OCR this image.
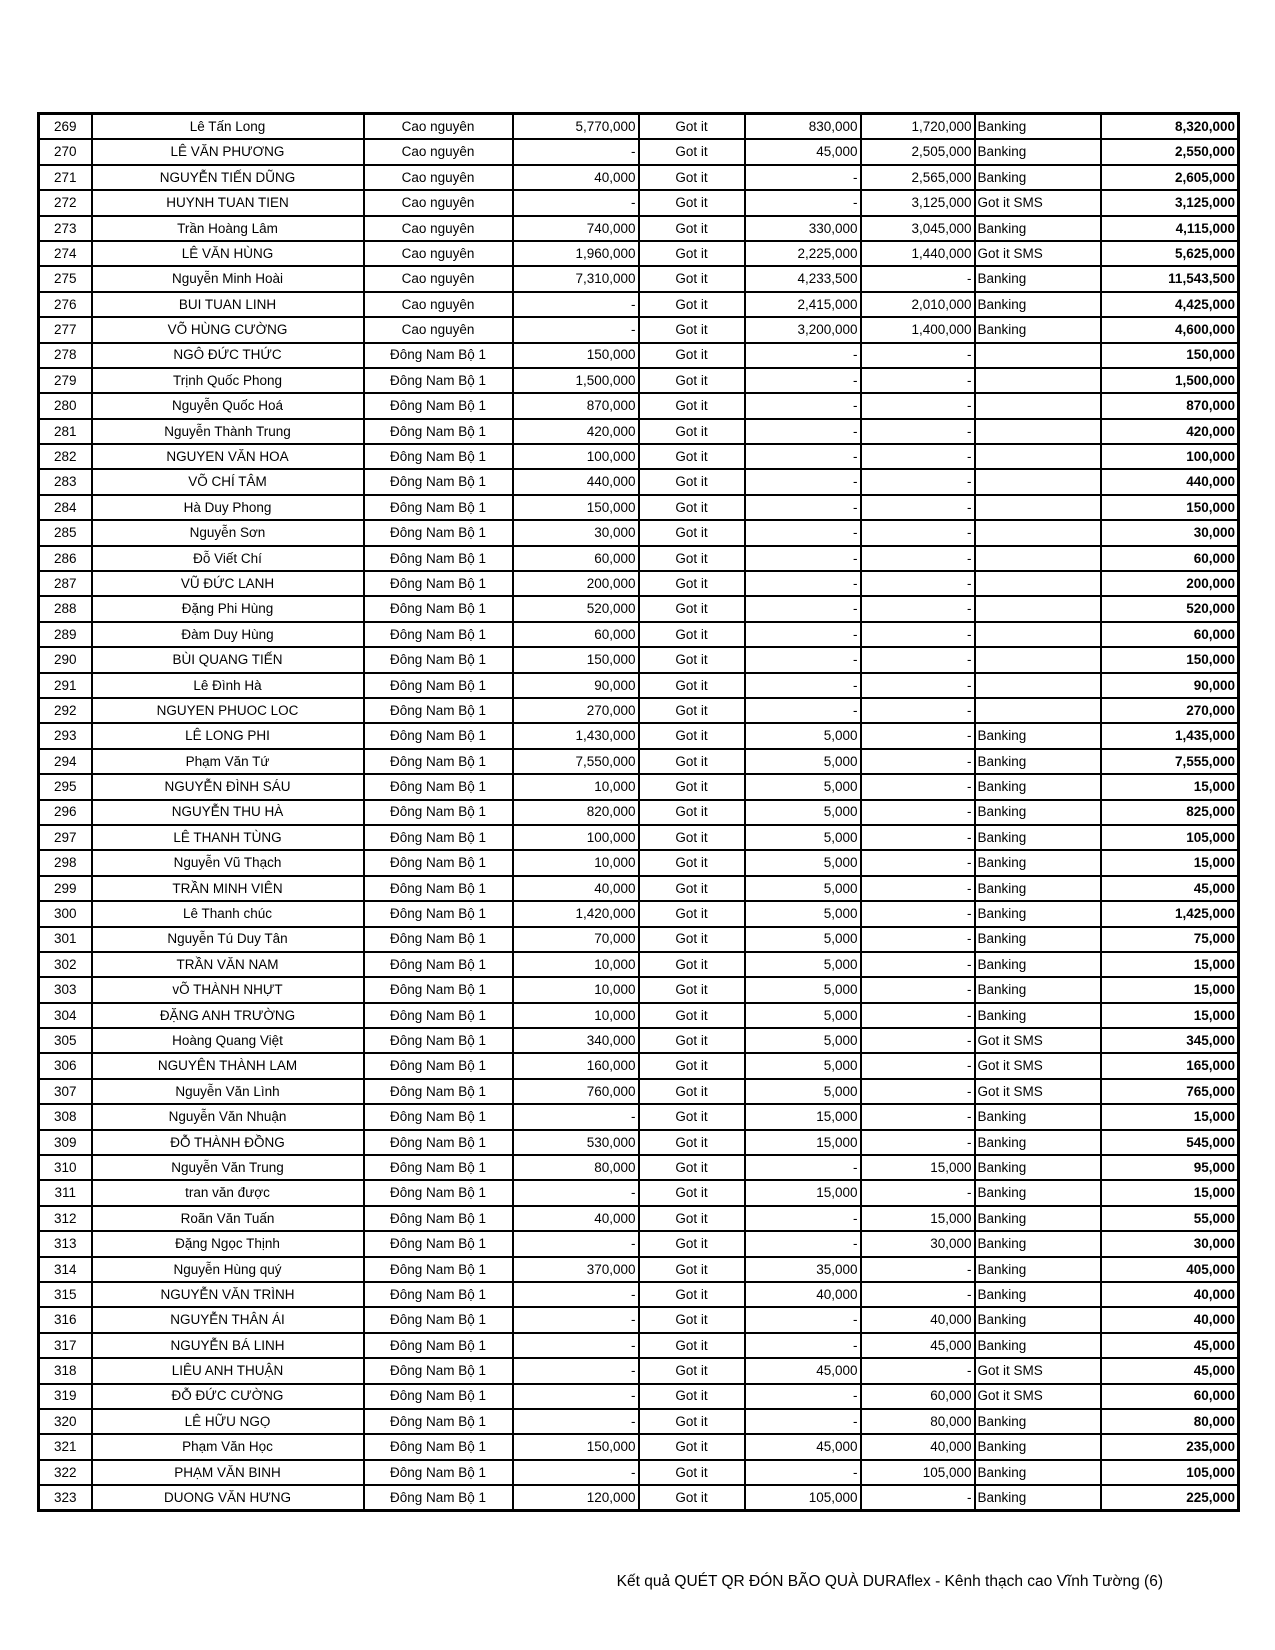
269	Lê Tấn Long	Cao nguyên	5,770,000	Got it	830,000	1,720,000	Banking	8,320,000
270	LÊ VĂN PHƯƠNG	Cao nguyên	-	Got it	45,000	2,505,000	Banking	2,550,000
271	NGUYỄN TIẾN DŨNG	Cao nguyên	40,000	Got it	-	2,565,000	Banking	2,605,000
272	HUYNH TUAN TIEN	Cao nguyên	-	Got it	-	3,125,000	Got it SMS	3,125,000
273	Trần Hoàng Lâm	Cao nguyên	740,000	Got it	330,000	3,045,000	Banking	4,115,000
274	LÊ VĂN HÙNG	Cao nguyên	1,960,000	Got it	2,225,000	1,440,000	Got it SMS	5,625,000
275	Nguyễn Minh Hoài	Cao nguyên	7,310,000	Got it	4,233,500	-	Banking	11,543,500
276	BUI TUAN LINH	Cao nguyên	-	Got it	2,415,000	2,010,000	Banking	4,425,000
277	VÕ HÙNG CƯỜNG	Cao nguyên	-	Got it	3,200,000	1,400,000	Banking	4,600,000
278	NGÔ ĐỨC THỨC	Đông Nam Bộ 1	150,000	Got it	-	-		150,000
279	Trịnh Quốc Phong	Đông Nam Bộ 1	1,500,000	Got it	-	-		1,500,000
280	Nguyễn Quốc Hoá	Đông Nam Bộ 1	870,000	Got it	-	-		870,000
281	Nguyễn Thành Trung	Đông Nam Bộ 1	420,000	Got it	-	-		420,000
282	NGUYEN VĂN HOA	Đông Nam Bộ 1	100,000	Got it	-	-		100,000
283	VÕ CHÍ TÂM	Đông Nam Bộ 1	440,000	Got it	-	-		440,000
284	Hà Duy Phong	Đông Nam Bộ 1	150,000	Got it	-	-		150,000
285	Nguyễn Sơn	Đông Nam Bộ 1	30,000	Got it	-	-		30,000
286	Đỗ Viết Chí	Đông Nam Bộ 1	60,000	Got it	-	-		60,000
287	VŨ ĐỨC LANH	Đông Nam Bộ 1	200,000	Got it	-	-		200,000
288	Đặng Phi Hùng	Đông Nam Bộ 1	520,000	Got it	-	-		520,000
289	Đàm Duy Hùng	Đông Nam Bộ 1	60,000	Got it	-	-		60,000
290	BÙI QUANG TIẾN	Đông Nam Bộ 1	150,000	Got it	-	-		150,000
291	Lê Đình Hà	Đông Nam Bộ 1	90,000	Got it	-	-		90,000
292	NGUYEN PHUOC LOC	Đông Nam Bộ 1	270,000	Got it	-	-		270,000
293	LÊ LONG PHI	Đông Nam Bộ 1	1,430,000	Got it	5,000	-	Banking	1,435,000
294	Phạm Văn Tứ	Đông Nam Bộ 1	7,550,000	Got it	5,000	-	Banking	7,555,000
295	NGUYỄN ĐÌNH SÁU	Đông Nam Bộ 1	10,000	Got it	5,000	-	Banking	15,000
296	NGUYỄN THU HÀ	Đông Nam Bộ 1	820,000	Got it	5,000	-	Banking	825,000
297	LÊ THANH TÙNG	Đông Nam Bộ 1	100,000	Got it	5,000	-	Banking	105,000
298	Nguyễn Vũ Thạch	Đông Nam Bộ 1	10,000	Got it	5,000	-	Banking	15,000
299	TRẦN MINH VIÊN	Đông Nam Bộ 1	40,000	Got it	5,000	-	Banking	45,000
300	Lê Thanh chúc	Đông Nam Bộ 1	1,420,000	Got it	5,000	-	Banking	1,425,000
301	Nguyễn Tú Duy Tân	Đông Nam Bộ 1	70,000	Got it	5,000	-	Banking	75,000
302	TRẦN VĂN NAM	Đông Nam Bộ 1	10,000	Got it	5,000	-	Banking	15,000
303	vÕ THÀNH NHỰT	Đông Nam Bộ 1	10,000	Got it	5,000	-	Banking	15,000
304	ĐẶNG ANH TRƯỜNG	Đông Nam Bộ 1	10,000	Got it	5,000	-	Banking	15,000
305	Hoàng Quang Việt	Đông Nam Bộ 1	340,000	Got it	5,000	-	Got it SMS	345,000
306	NGUYÊN THÀNH LAM	Đông Nam Bộ 1	160,000	Got it	5,000	-	Got it SMS	165,000
307	Nguyễn Văn Lình	Đông Nam Bộ 1	760,000	Got it	5,000	-	Got it SMS	765,000
308	Nguyễn Văn Nhuận	Đông Nam Bộ 1	-	Got it	15,000	-	Banking	15,000
309	ĐỖ THÀNH ĐỒNG	Đông Nam Bộ 1	530,000	Got it	15,000	-	Banking	545,000
310	Nguyễn Văn Trung	Đông Nam Bộ 1	80,000	Got it	-	15,000	Banking	95,000
311	tran văn được	Đông Nam Bộ 1	-	Got it	15,000	-	Banking	15,000
312	Roãn Văn Tuấn	Đông Nam Bộ 1	40,000	Got it	-	15,000	Banking	55,000
313	Đặng Ngọc Thịnh	Đông Nam Bộ 1	-	Got it	-	30,000	Banking	30,000
314	Nguyễn Hùng quý	Đông Nam Bộ 1	370,000	Got it	35,000	-	Banking	405,000
315	NGUYỄN VĂN TRÌNH	Đông Nam Bộ 1	-	Got it	40,000	-	Banking	40,000
316	NGUYỄN THÂN ÁI	Đông Nam Bộ 1	-	Got it	-	40,000	Banking	40,000
317	NGUYỄN BÁ LINH	Đông Nam Bộ 1	-	Got it	-	45,000	Banking	45,000
318	LIÊU ANH THUẬN	Đông Nam Bộ 1	-	Got it	45,000	-	Got it SMS	45,000
319	ĐỖ ĐỨC CƯỜNG	Đông Nam Bộ 1	-	Got it	-	60,000	Got it SMS	60,000
320	LÊ HỮU NGỌ	Đông Nam Bộ 1	-	Got it	-	80,000	Banking	80,000
321	Phạm Văn Học	Đông Nam Bộ 1	150,000	Got it	45,000	40,000	Banking	235,000
322	PHẠM VĂN BINH	Đông Nam Bộ 1	-	Got it	-	105,000	Banking	105,000
323	DUONG VĂN HƯNG	Đông Nam Bộ 1	120,000	Got it	105,000	-	Banking	225,000
Kết quả QUÉT QR ĐÓN BÃO QUÀ DURAflex - Kênh thạch cao Vĩnh Tường (6)
